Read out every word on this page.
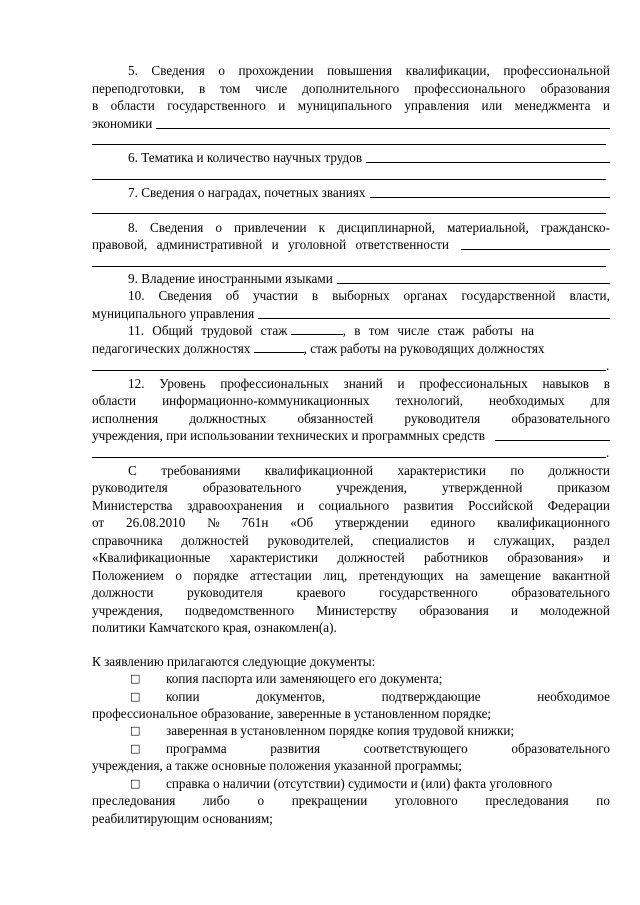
5. Сведения о прохождении повышения квалификации, профессиональной
переподготовки, в том числе дополнительного профессионального образования
в области государственного и муниципального управления или менеджмента и
экономики
6. Тематика и количество научных трудов
7. Сведения о наградах, почетных званиях
8. Сведения о привлечении к дисциплинарной, материальной, гражданско-
правовой, административной и уголовной ответственности
9. Владение иностранными языками
10. Сведения об участии в выборных органах государственной власти,
муниципального управления
11. Общий трудовой стаж	, в том числе стаж работы на
педагогических должностях	, стаж работы на руководящих должностях
.
12. Уровень профессиональных знаний и профессиональных навыков в
области информационно-коммуникационных технологий, необходимых для
исполнения должностных обязанностей руководителя образовательного
учреждения, при использовании технических и программных средств
.
С требованиями квалификационной характеристики по должности
руководителя	образовательного	учреждения,	утвержденной	приказом
Министерства здравоохранения и социального развития Российской Федерации
от 26.08.2010 № 761н «Об утверждении единого квалификационного
справочника должностей руководителей, специалистов и служащих, раздел
«Квалификационные характеристики должностей работников образования» и
Положением о порядке аттестации лиц, претендующих на замещение вакантной
должности	руководителя	краевого	государственного	образовательного
учреждения, подведомственного Министерству образования и молодежной
политики Камчатского края, ознакомлен(а).
К заявлению прилагаются следующие документы:
□ копия паспорта или заменяющего его документа;
□ копии	документов,	подтверждающие	необходимое
профессиональное образование, заверенные в установленном порядке;
□ заверенная в установленном порядке копия трудовой книжки;
□ программа	развития	соответствующего	образовательного
учреждения, а также основные положения указанной программы;
□ справка о наличии (отсутствии) судимости и (или) факта уголовного
преследования либо о прекращении уголовного преследования по
реабилитирующим основаниям;
